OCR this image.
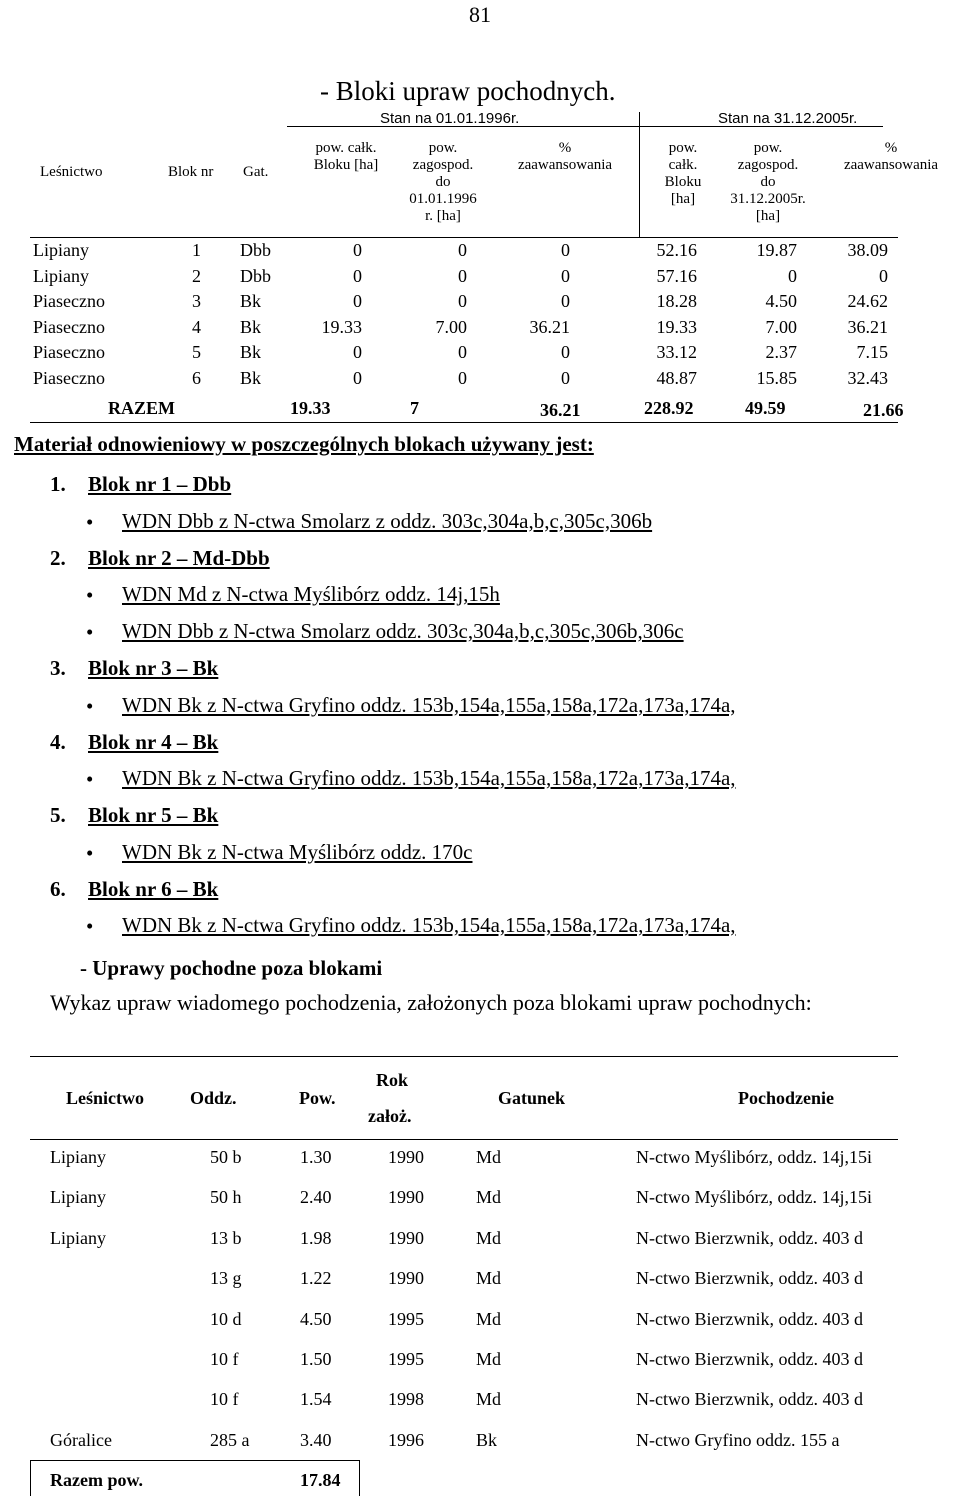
81
- Bloki upraw pochodnych.
Stan na 01.01.1996r.	Stan na 31.12.2005r.
Leśnictwo	Blok nr Gat.
pow. całk.
Bloku [ha]
pow.
zagospod.
do
01.01.1996
r. [ha]
%
zaawansowania
pow.
całk.
Bloku
[ha]
pow.
zagospod.
do
31.12.2005r.
[ha]
%
zaawansowania
Lipiany	1 Dbb	0	0	0	52.16	19.87	38.09
Lipiany	2 Dbb	0	0	0	57.16	0	0
Piaseczno	3 Bk	0	0	0	18.28	4.50	24.62
Piaseczno	4 Bk	19.33	7.00	36.21	19.33	7.00	36.21
Piaseczno	5 Bk	0	0	0	33.12	2.37	7.15
Piaseczno	6 Bk	0	0	0	48.87	15.85	32.43
RAZEM	19.33	7	36.21	228.92	49.59	21.66
Materiał odnowieniowy w poszczególnych blokach używany jest:
1. Blok nr 1 – Dbb
• WDN Dbb z N-ctwa Smolarz z oddz. 303c,304a,b,c,305c,306b
2. Blok nr 2 – Md-Dbb
• WDN Md z N-ctwa Myślibórz oddz. 14j,15h
• WDN Dbb z N-ctwa Smolarz oddz. 303c,304a,b,c,305c,306b,306c
3. Blok nr 3 – Bk
• WDN Bk z N-ctwa Gryfino oddz. 153b,154a,155a,158a,172a,173a,174a,
4. Blok nr 4 – Bk
• WDN Bk z N-ctwa Gryfino oddz. 153b,154a,155a,158a,172a,173a,174a,
5. Blok nr 5 – Bk
• WDN Bk z N-ctwa Myślibórz oddz. 170c
6. Blok nr 6 – Bk
• WDN Bk z N-ctwa Gryfino oddz. 153b,154a,155a,158a,172a,173a,174a,
- Uprawy pochodne poza blokami
Wykaz upraw wiadomego pochodzenia, założonych poza blokami upraw pochodnych:
Leśnictwo	Oddz.	Pow.
Rok
założ.
Gatunek	Pochodzenie
Lipiany	50 b	1.30	1990	Md	N-ctwo Myślibórz, oddz. 14j,15i
Lipiany	50 h	2.40	1990	Md	N-ctwo Myślibórz, oddz. 14j,15i
Lipiany	13 b	1.98	1990	Md	N-ctwo Bierzwnik, oddz. 403 d
13 g	1.22	1990	Md	N-ctwo Bierzwnik, oddz. 403 d
10 d	4.50	1995	Md	N-ctwo Bierzwnik, oddz. 403 d
10 f	1.50	1995	Md	N-ctwo Bierzwnik, oddz. 403 d
10 f	1.54	1998	Md	N-ctwo Bierzwnik, oddz. 403 d
Góralice	285 a	3.40	1996	Bk	N-ctwo Gryfino oddz. 155 a
Razem pow.	17.84
